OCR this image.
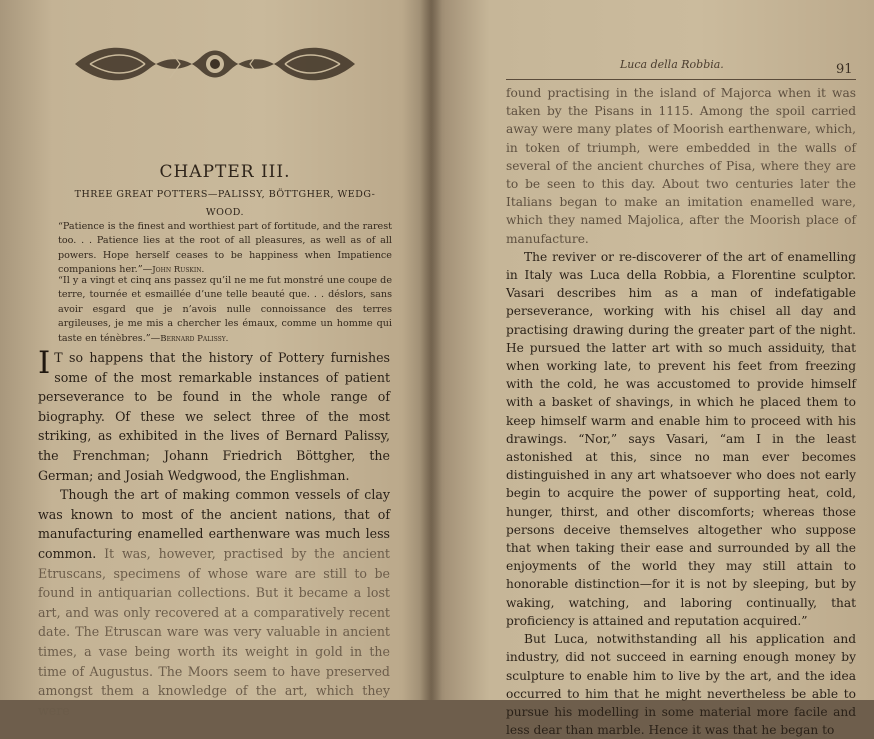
CHAPTER III.
THREE GREAT POTTERS—PALISSY, BÖTTGHER, WEDG-WOOD.
“Patience is the finest and worthiest part of fortitude, and the rarest too. . . Patience lies at the root of all pleasures, as well as of all powers. Hope herself ceases to be happiness when Impatience companions her.”—John Ruskin.
“Il y a vingt et cinq ans passez qu’il ne me fut monstré une coupe de terre, tournée et esmaillée d’une telle beauté que. . . déslors, sans avoir esgard que je n’avois nulle connoissance des terres argileuses, je me mis a chercher les émaux, comme un homme qui taste en ténèbres.”—Bernard Palissy.

I T so happens that the history of Pottery furnishes some of the most remarkable instances of patient perseverance to be found in the whole range of biography. Of these we select three of the most striking, as exhibited in the lives of Bernard Palissy, the Frenchman; Johann Friedrich Böttgher, the German; and Josiah Wedgwood, the Englishman.

Though the art of making common vessels of clay was known to most of the ancient nations, that of manufacturing enamelled earthenware was much less common. It was, however, practised by the ancient Etruscans, specimens of whose ware are still to be found in antiquarian collections. But it became a lost art, and was only recovered at a comparatively recent date. The Etruscan ware was very valuable in ancient times, a vase being worth its weight in gold in the time of Augustus. The Moors seem to have preserved amongst them a knowledge of the art, which they were

Luca della Robbia.	91

found practising in the island of Majorca when it was taken by the Pisans in 1115. Among the spoil carried away were many plates of Moorish earthenware, which, in token of triumph, were embedded in the walls of several of the ancient churches of Pisa, where they are to be seen to this day. About two centuries later the Italians began to make an imitation enamelled ware, which they named Majolica, after the Moorish place of manufacture.

The reviver or re-discoverer of the art of enamelling in Italy was Luca della Robbia, a Florentine sculptor. Vasari describes him as a man of indefatigable perseverance, working with his chisel all day and practising drawing during the greater part of the night. He pursued the latter art with so much assiduity, that when working late, to prevent his feet from freezing with the cold, he was accustomed to provide himself with a basket of shavings, in which he placed them to keep himself warm and enable him to proceed with his drawings. “Nor,” says Vasari, “am I in the least astonished at this, since no man ever becomes distinguished in any art whatsoever who does not early begin to acquire the power of supporting heat, cold, hunger, thirst, and other discomforts; whereas those persons deceive themselves altogether who suppose that when taking their ease and surrounded by all the enjoyments of the world they may still attain to honorable distinction—for it is not by sleeping, but by waking, watching, and laboring continually, that proficiency is attained and reputation acquired.”

But Luca, notwithstanding all his application and industry, did not succeed in earning enough money by sculpture to enable him to live by the art, and the idea occurred to him that he might nevertheless be able to pursue his modelling in some material more facile and less dear than marble. Hence it was that he began to
